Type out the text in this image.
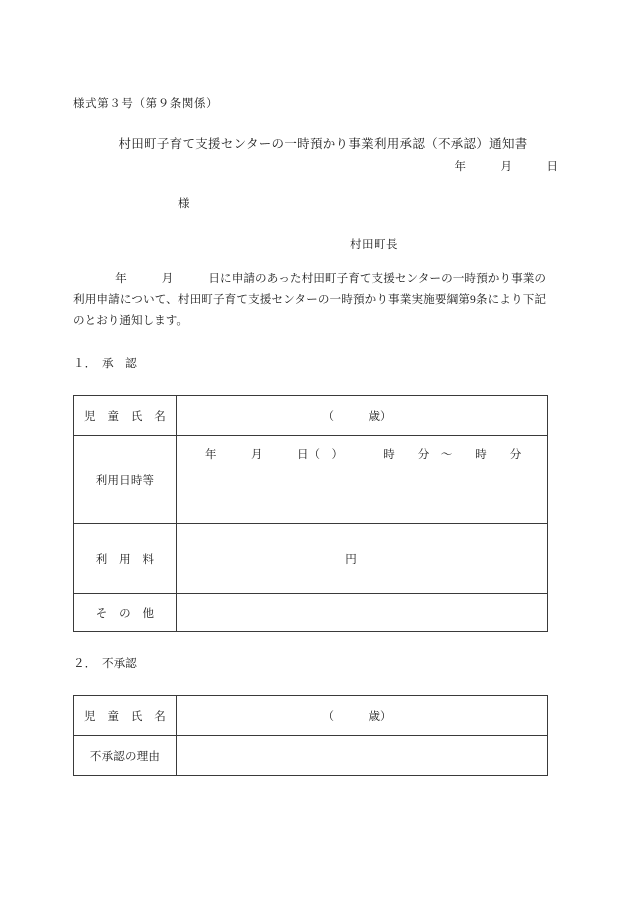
様式第３号（第９条関係）
村田町子育て支援センターの一時預かり事業利用承認（不承認）通知書
年　　　月　　　日
様
村田町長
年　　　月　　　日に申請のあった村田町子育て支援センターの一時預かり事業の利用申請について、村田町子育て支援センターの一時預かり事業実施要綱第9条により下記のとおり通知します。
１．　承　認
児　童　氏　名	（　　　歳）

利用日時等	年　　　月　　　日（　）　　　　時　　分　～　　時　　分

利　用　料	円

そ　の　他	
２．　不承認
児　童　氏　名	（　　　歳）

不承認の理由	
